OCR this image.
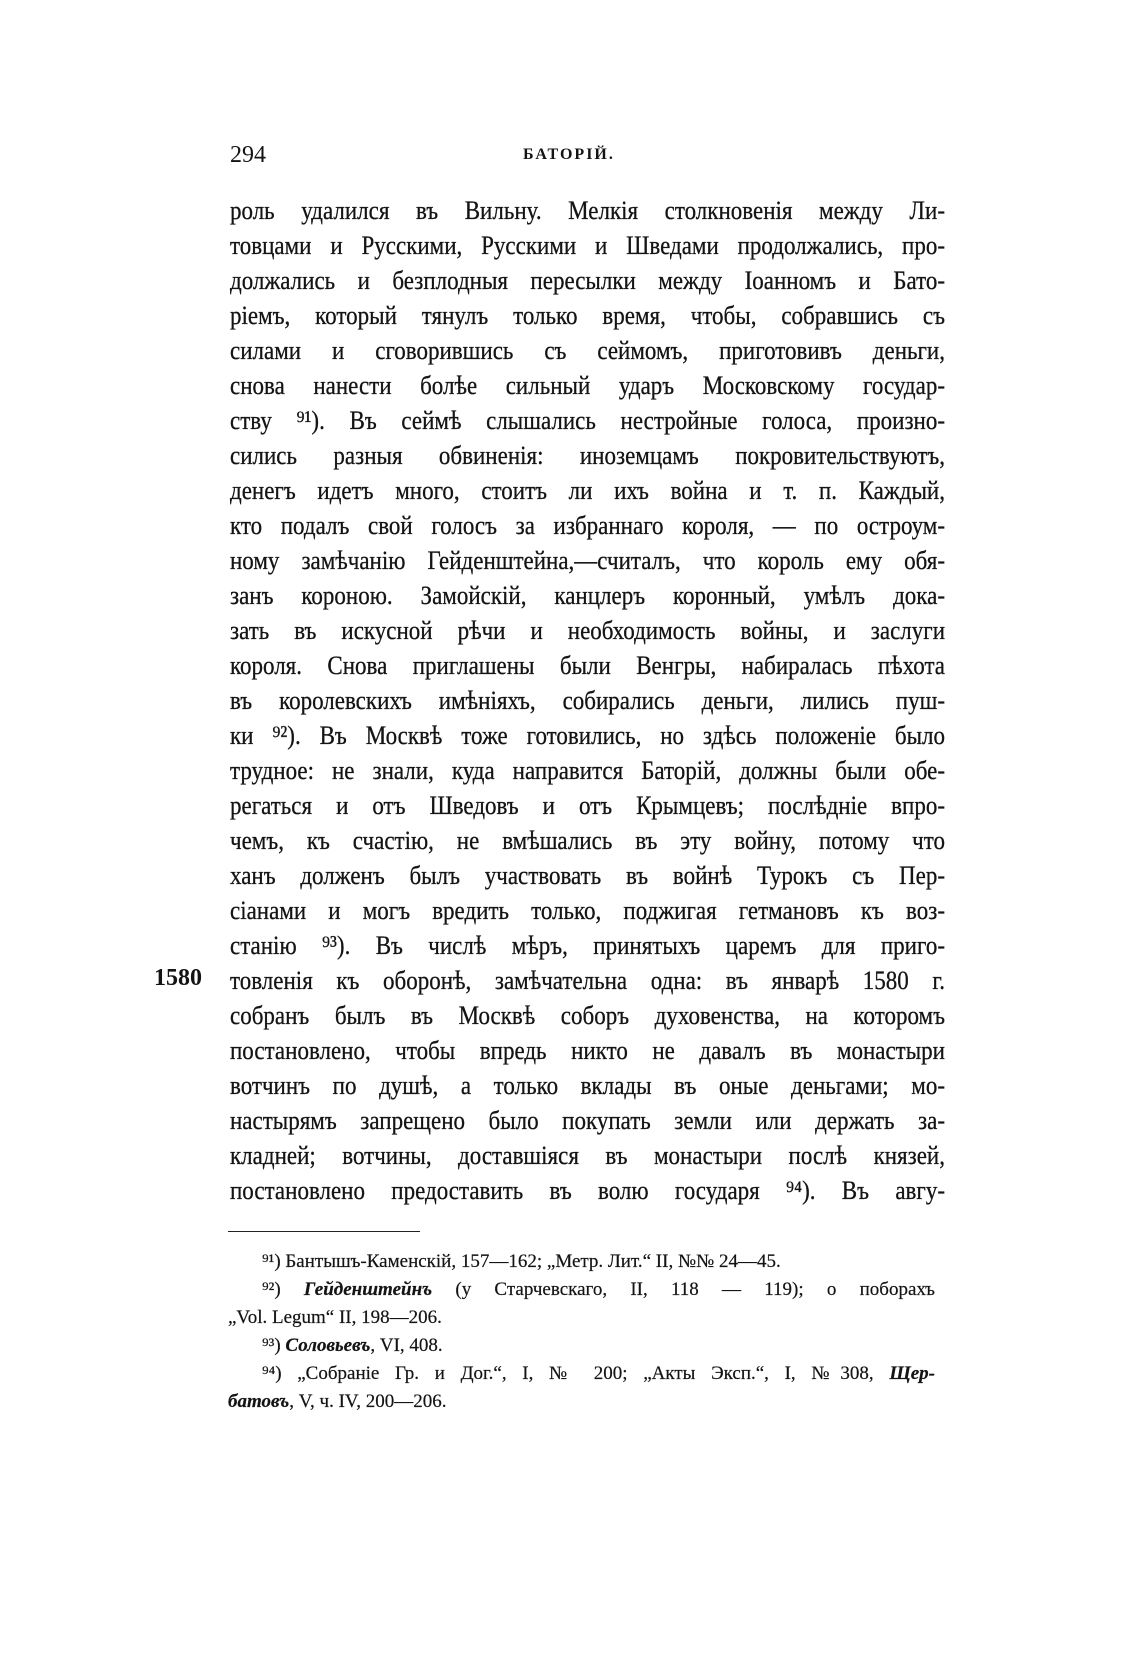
294	БАТОРІЙ.
роль удалился въ Вильну. Мелкія столкновенія между Ли-
товцами и Русскими, Русскими и Шведами продолжались, про-
должались и безплодныя пересылки между Іоанномъ и Бато-
ріемъ, который тянулъ только время, чтобы, собравшись съ
силами и сговорившись съ сеймомъ, приготовивъ деньги,
снова нанести болѣе сильный ударъ Московскому государ-
ству ⁹¹). Въ сеймѣ слышались нестройные голоса, произно-
сились разныя обвиненія: иноземцамъ покровительствуютъ,
денегъ идетъ много, стоитъ ли ихъ война и т. п. Каждый,
кто подалъ свой голосъ за избраннаго короля, — по остроум-
ному замѣчанію Гейденштейна,—считалъ, что король ему обя-
занъ короною. Замойскій, канцлеръ коронный, умѣлъ дока-
зать въ искусной рѣчи и необходимость войны, и заслуги
короля. Снова приглашены были Венгры, набиралась пѣхота
въ королевскихъ имѣніяхъ, собирались деньги, лились пуш-
ки ⁹²). Въ Москвѣ тоже готовились, но здѣсь положеніе было
трудное: не знали, куда направится Баторій, должны были обе-
регаться и отъ Шведовъ и отъ Крымцевъ; послѣдніе впро-
чемъ, къ счастію, не вмѣшались въ эту войну, потому что
ханъ долженъ былъ участвовать въ войнѣ Турокъ съ Пер-
сіанами и могъ вредить только, поджигая гетмановъ къ воз-
станію ⁹³). Въ числѣ мѣръ, принятыхъ царемъ для приго-
товленія къ оборонѣ, замѣчательна одна: въ январѣ 1580 г.
собранъ былъ въ Москвѣ соборъ духовенства, на которомъ
постановлено, чтобы впредь никто не давалъ въ монастыри
вотчинъ по душѣ, а только вклады въ оные деньгами; мо-
настырямъ запрещено было покупать земли или держать за-
кладней; вотчины, доставшіяся въ монастыри послѣ князей,
постановлено предоставить въ волю государя ⁹⁴). Въ авгу-
1580
⁹¹) Бантышъ-Каменскій, 157—162; „Метр. Лит.“ II, №№ 24—45.
⁹²) Гейденштейнъ (у Старчевскаго, II, 118 — 119); о поборахъ
„Vol. Legum“ II, 198—206.
⁹³) Соловьевъ, VI, 408.
⁹⁴) „Собраніе Гр. и Дог.“, I, № 200; „Акты Эксп.“, I, №308, Щер-
батовъ, V, ч. IV, 200—206.
